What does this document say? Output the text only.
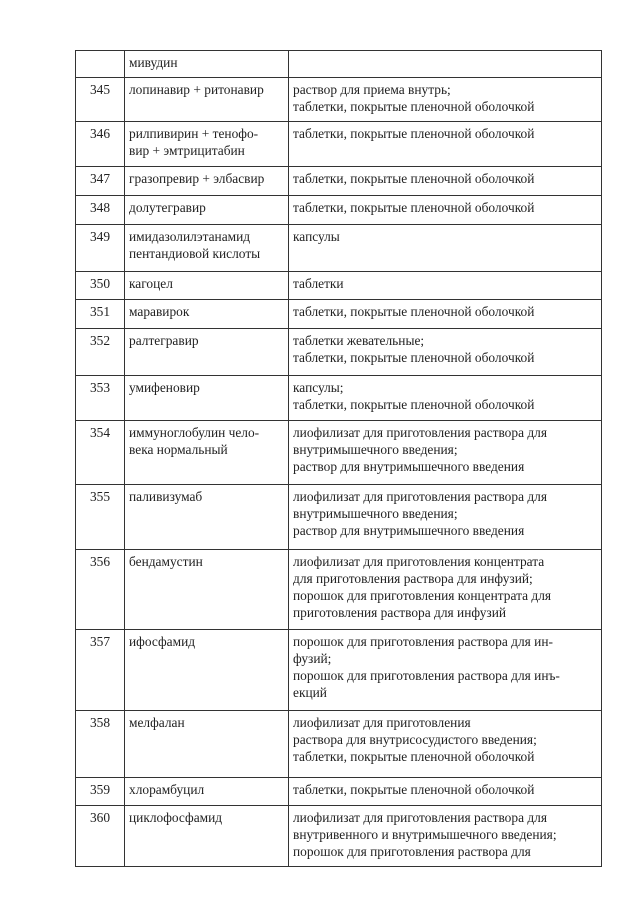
	мивудин	
345	лопинавир + ритонавир	раствор для приема внутрь;
таблетки, покрытые пленочной оболочкой
346	рилпивирин + тенофо-
вир + эмтрицитабин	таблетки, покрытые пленочной оболочкой
347	гразопревир + элбасвир	таблетки, покрытые пленочной оболочкой
348	долутегравир	таблетки, покрытые пленочной оболочкой
349	имидазолилэтанамид
пентандиовой кислоты	капсулы
350	кагоцел	таблетки
351	маравирок	таблетки, покрытые пленочной оболочкой
352	ралтегравир	таблетки жевательные;
таблетки, покрытые пленочной оболочкой
353	умифеновир	капсулы;
таблетки, покрытые пленочной оболочкой
354	иммуноглобулин чело-
века нормальный	лиофилизат для приготовления раствора для
внутримышечного введения;
раствор для внутримышечного введения
355	паливизумаб	лиофилизат для приготовления раствора для
внутримышечного введения;
раствор для внутримышечного введения
356	бендамустин	лиофилизат для приготовления концентрата
для приготовления раствора для инфузий;
порошок для приготовления концентрата для
приготовления раствора для инфузий
357	ифосфамид	порошок для приготовления раствора для ин-
фузий;
порошок для приготовления раствора для инъ-
екций
358	мелфалан	лиофилизат для приготовления
раствора для внутрисосудистого введения;
таблетки, покрытые пленочной оболочкой
359	хлорамбуцил	таблетки, покрытые пленочной оболочкой
360	циклофосфамид	лиофилизат для приготовления раствора для
внутривенного и внутримышечного введения;
порошок для приготовления раствора для
